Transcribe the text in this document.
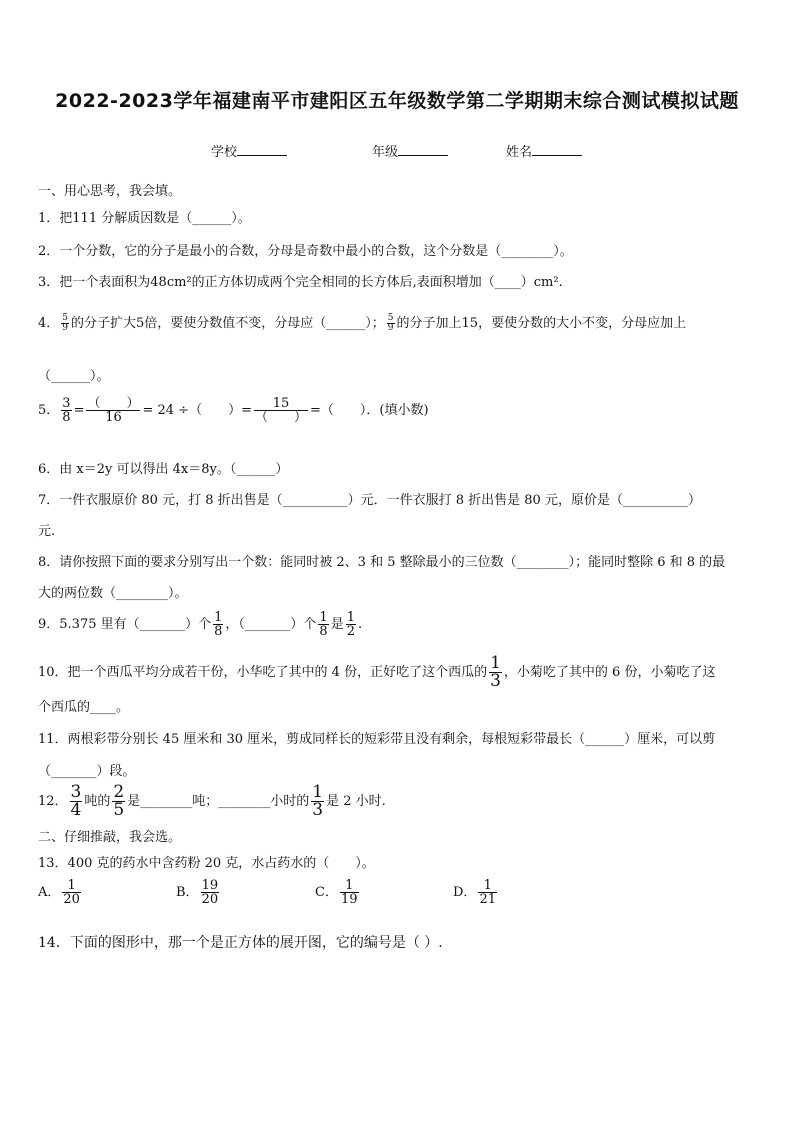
2022-2023学年福建南平市建阳区五年级数学第二学期期末综合测试模拟试题
学校	年级	姓名
一、用心思考，我会填。
1．把111 分解质因数是（______）。
2．一个分数，它的分子是最小的合数，分母是奇数中最小的合数，这个分数是（________）。
3．把一个表面积为48cm²的正方体切成两个完全相同的长方体后,表面积增加（____）cm².
4． $\frac{5}{9}$ 的分子扩大5倍，要使分数值不变，分母应（______）； $\frac{5}{9}$ 的分子加上15，要使分数的大小不变，分母应加上
（______）。
5． $\frac{3}{8} = \frac{( )}{16} = 24$ ÷（　　）= $\frac{15}{( )}$ =（　　）．(填小数)
6．由 x＝2y 可以得出 4x＝8y。（______）
7．一件衣服原价 80 元，打 8 折出售是（__________）元．一件衣服打 8 折出售是 80 元，原价是（__________）
元.
8．请你按照下面的要求分别写出一个数：能同时被 2、3 和 5 整除最小的三位数（________）；能同时整除 6 和 8 的最
大的两位数（________）。
9．5.375 里有（_______）个 $\frac{1}{8}$ ，（_______）个 $\frac{1}{8}$ 是 $\frac{1}{2}$ .
10．把一个西瓜平均分成若干份，小华吃了其中的 4 份，正好吃了这个西瓜的 $\frac{1}{3}$ ，小菊吃了其中的 6 份，小菊吃了这
个西瓜的____。
11．两根彩带分别长 45 厘米和 30 厘米，剪成同样长的短彩带且没有剩余，每根短彩带最长（______）厘米，可以剪
（_______）段。
12． $\frac{3}{4}$ 吨的 $\frac{2}{5}$ 是________吨；________小时的 $\frac{1}{3}$ 是 2 小时.
二、仔细推敲，我会选。
13．400 克的药水中含药粉 20 克，水占药水的（　　）。
A． $\frac{1}{20}$	B． $\frac{19}{20}$	C． $\frac{1}{19}$	D． $\frac{1}{21}$
14．下面的图形中，那一个是正方体的展开图，它的编号是（ ）.
